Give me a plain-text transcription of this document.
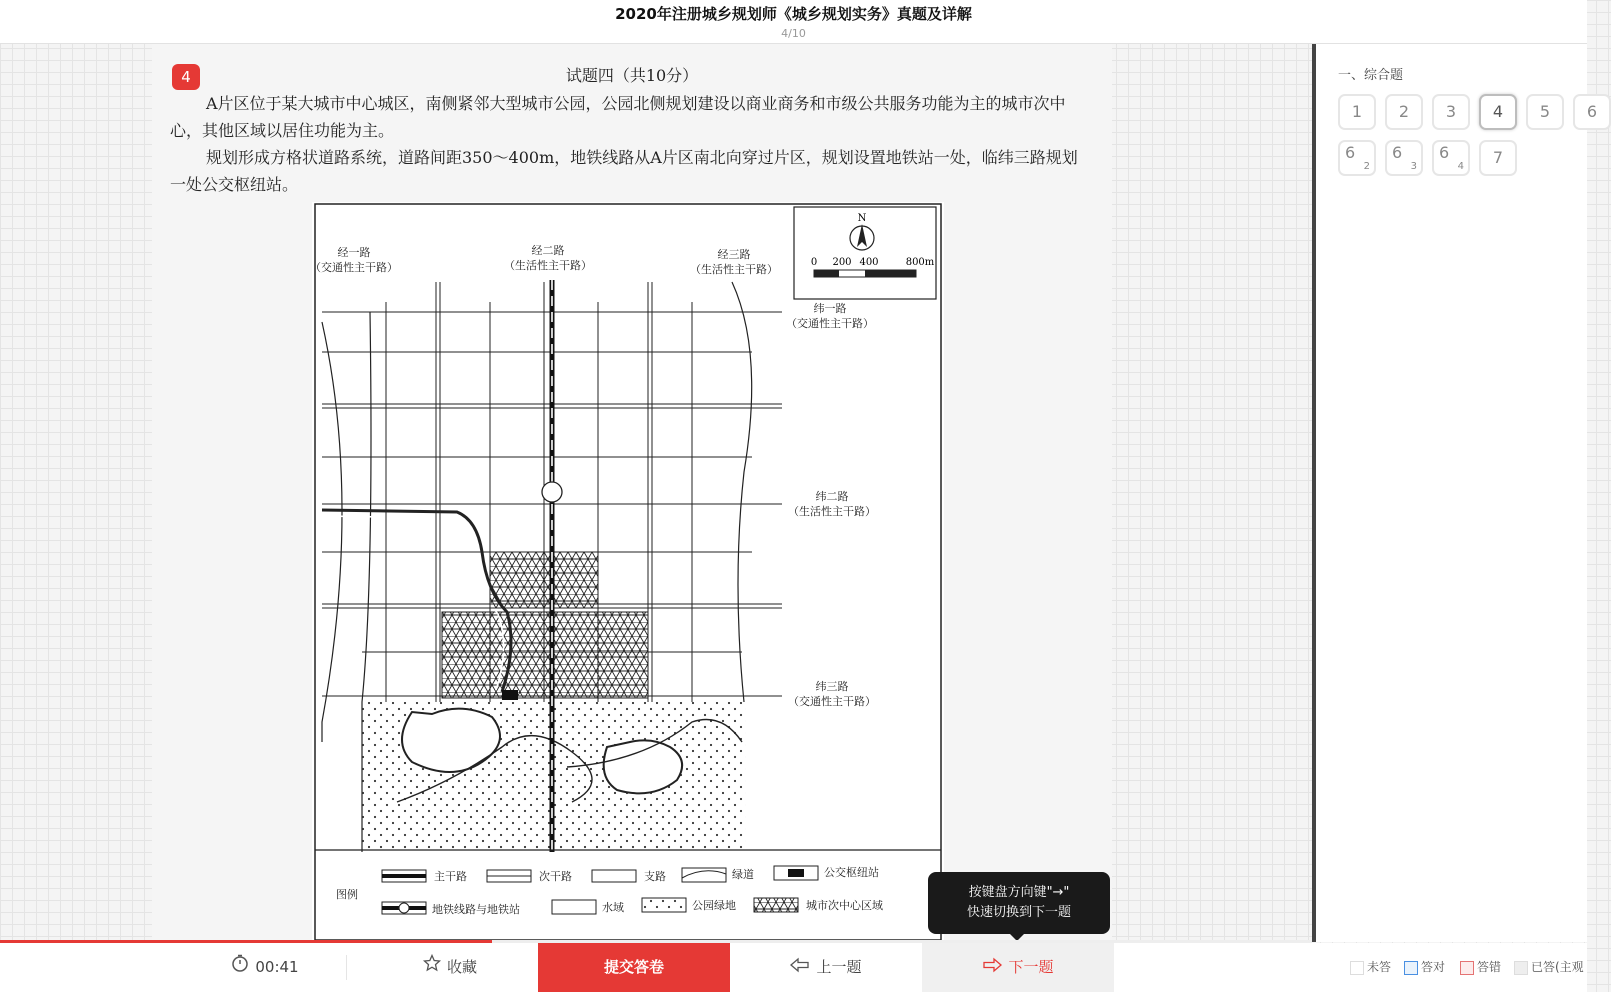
2020年注册城乡规划师《城乡规划实务》真题及详解
4/10
4	试题四（共10分）
A片区位于某大城市中心城区，南侧紧邻大型城市公园，公园北侧规划建设以商业商务和市级公共服务功能为主的城市次中心，其他区域以居住功能为主。
规划形成方格状道路系统，道路间距350～400m，地铁线路从A片区南北向穿过片区，规划设置地铁站一处，临纬三路规划一处公交枢纽站。
N
0 200 400	800m
经一路
（交通性主干路）
经二路
（生活性主干路）
经三路
（生活性主干路）
纬一路
（交通性主干路）
纬二路
（生活性主干路）
纬三路
（交通性主干路）
图例
主干路	次干路	支路	绿道	公交枢纽站
地铁线路与地铁站	水域	公园绿地	城市次中心区域
按键盘方向键"→"
快速切换到下一题
一、综合题
1	2	3	4	5	6
6
2
6
3
6
4	7
00:41	收藏	提交答卷	上一题	下一题	未答	答对	答错	已答(主观
